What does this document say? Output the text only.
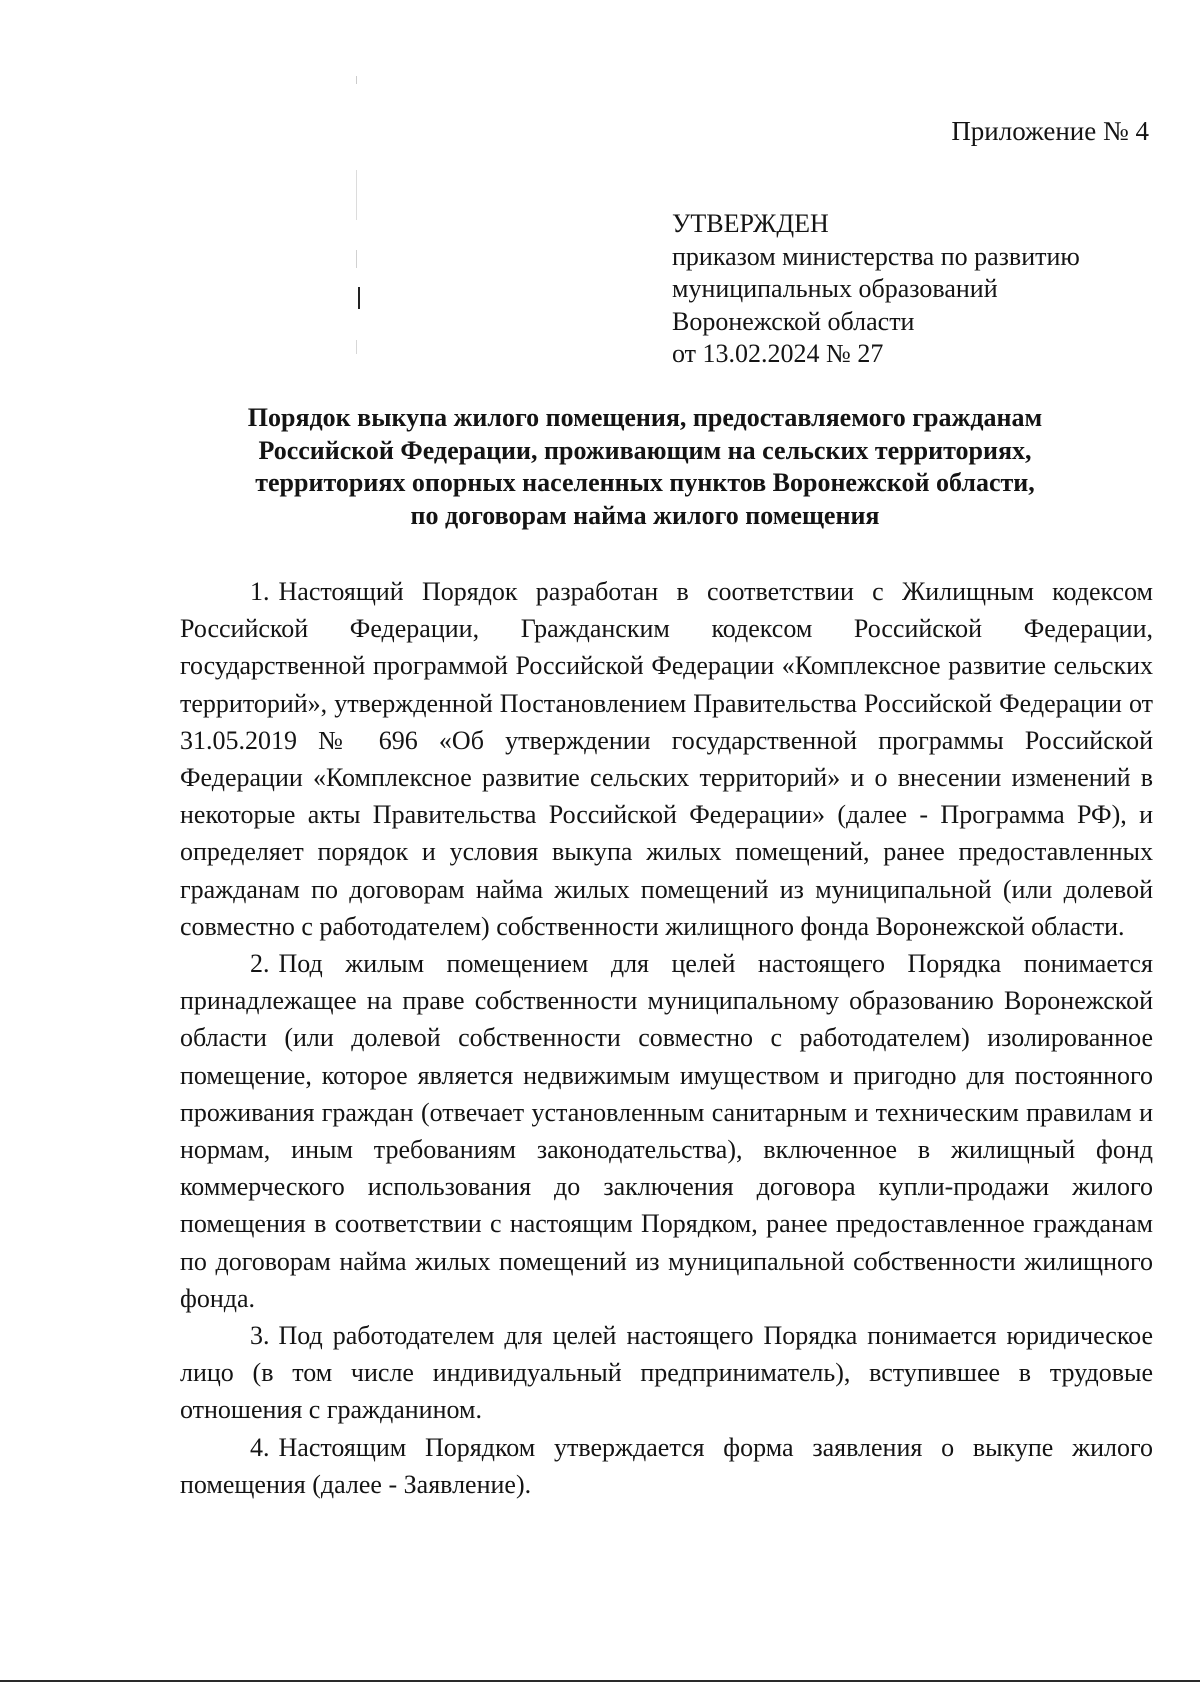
Приложение № 4
УТВЕРЖДЕН
приказом министерства по развитию
муниципальных образований
Воронежской области
от 13.02.2024 № 27
Порядок выкупа жилого помещения, предоставляемого гражданам
Российской Федерации, проживающим на сельских территориях,
территориях опорных населенных пунктов Воронежской области,
по договорам найма жилого помещения

1. Настоящий Порядок разработан в соответствии с Жилищным кодексом Российской Федерации, Гражданским кодексом Российской Федерации, государственной программой Российской Федерации «Комплексное развитие сельских территорий», утвержденной Постановлением Правительства Российской Федерации от 31.05.2019 № 696 «Об утверждении государственной программы Российской Федерации «Комплексное развитие сельских территорий» и о внесении изменений в некоторые акты Правительства Российской Федерации» (далее - Программа РФ), и определяет порядок и условия выкупа жилых помещений, ранее предоставленных гражданам по договорам найма жилых помещений из муниципальной (или долевой совместно с работодателем) собственности жилищного фонда Воронежской области.

2. Под жилым помещением для целей настоящего Порядка понимается принадлежащее на праве собственности муниципальному образованию Воронежской области (или долевой собственности совместно с работодателем) изолированное помещение, которое является недвижимым имуществом и пригодно для постоянного проживания граждан (отвечает установленным санитарным и техническим правилам и нормам, иным требованиям законодательства), включенное в жилищный фонд коммерческого использования до заключения договора купли-продажи жилого помещения в соответствии с настоящим Порядком, ранее предоставленное гражданам по договорам найма жилых помещений из муниципальной собственности жилищного фонда.

3. Под работодателем для целей настоящего Порядка понимается юридическое лицо (в том числе индивидуальный предприниматель), вступившее в трудовые отношения с гражданином.

4. Настоящим Порядком утверждается форма заявления о выкупе жилого помещения (далее - Заявление).
